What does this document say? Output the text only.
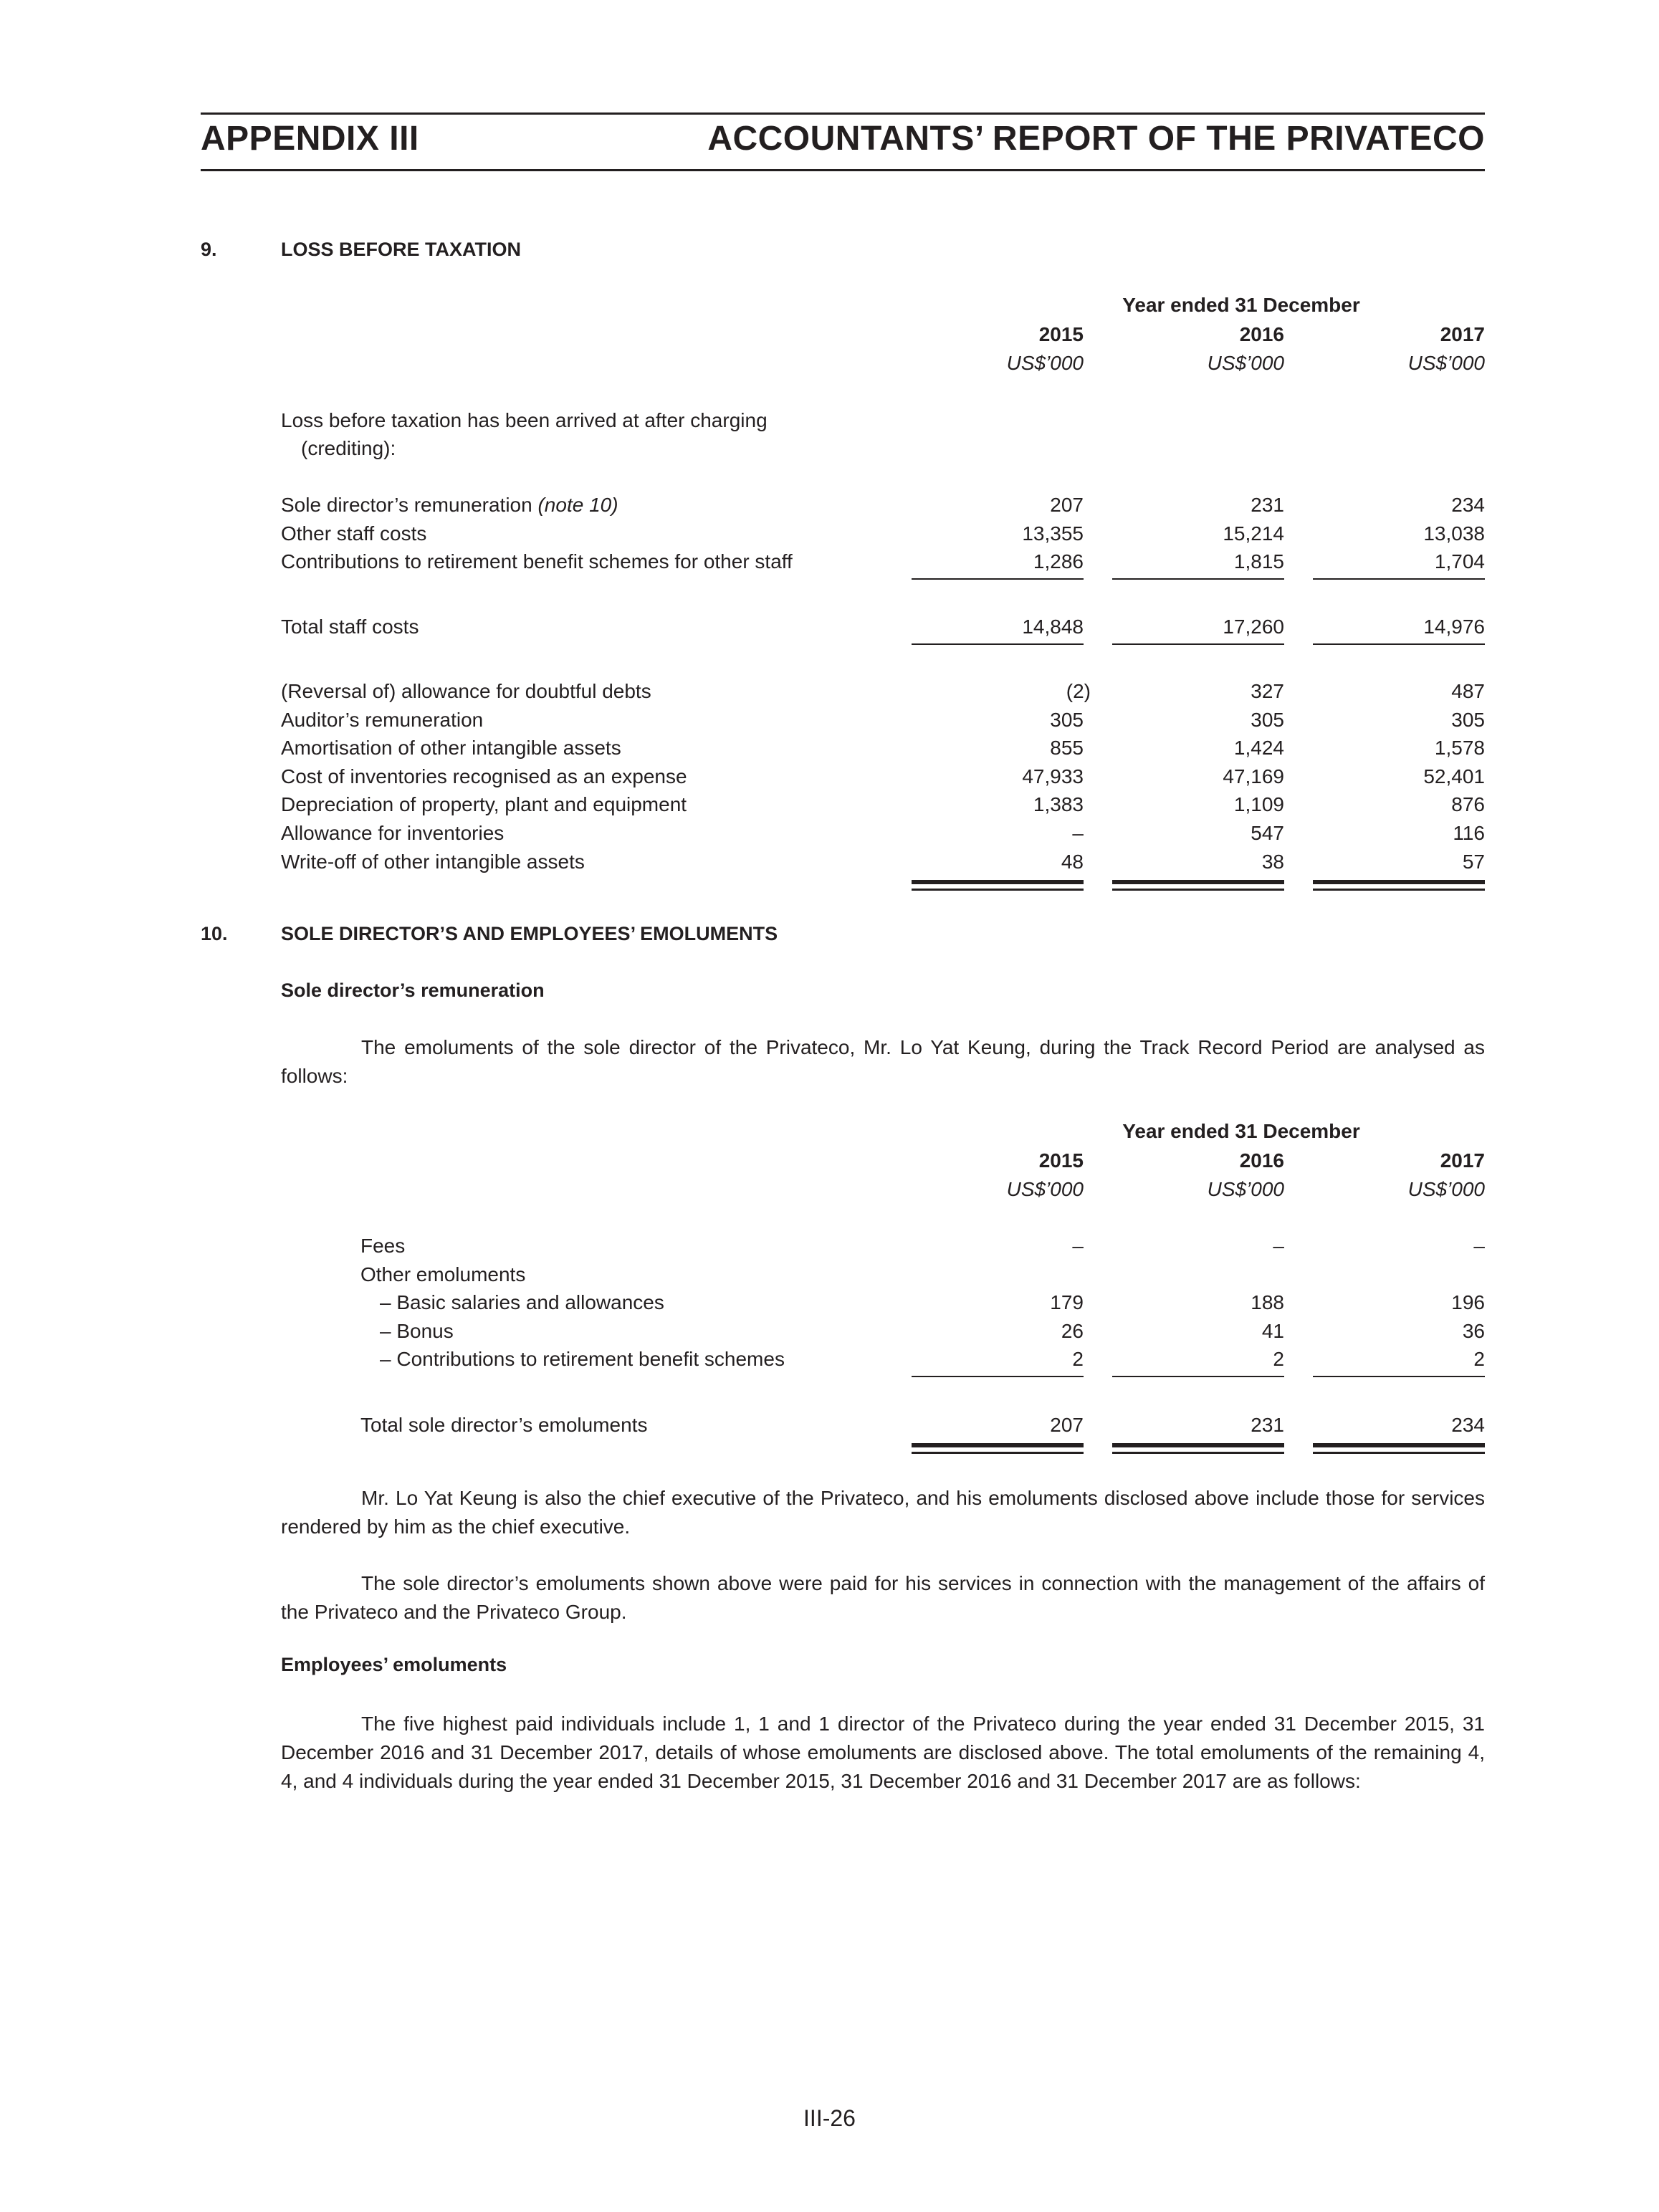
APPENDIX III	ACCOUNTANTS’ REPORT OF THE PRIVATECO
9.	LOSS BEFORE TAXATION
Year ended 31 December
2015	2016	2017
US$’000	US$’000	US$’000
Loss before taxation has been arrived at after charging
(crediting):
Sole director’s remuneration (note 10)	207	231	234
Other staff costs	13,355	15,214	13,038
Contributions to retirement benefit schemes for other staff	1,286	1,815	1,704
Total staff costs	14,848	17,260	14,976
(Reversal of) allowance for doubtful debts	(2)	327	487
Auditor’s remuneration	305	305	305
Amortisation of other intangible assets	855	1,424	1,578
Cost of inventories recognised as an expense	47,933	47,169	52,401
Depreciation of property, plant and equipment	1,383	1,109	876
Allowance for inventories	–	547	116
Write-off of other intangible assets	48	38	57
10.	SOLE DIRECTOR’S AND EMPLOYEES’ EMOLUMENTS
Sole director’s remuneration
The emoluments of the sole director of the Privateco, Mr. Lo Yat Keung, during the Track Record Period are analysed as follows:
Year ended 31 December
2015	2016	2017
US$’000	US$’000	US$’000
Fees	–	–	–
Other emoluments
– Basic salaries and allowances	179	188	196
– Bonus	26	41	36
– Contributions to retirement benefit schemes	2	2	2
Total sole director’s emoluments	207	231	234
Mr. Lo Yat Keung is also the chief executive of the Privateco, and his emoluments disclosed above include those for services rendered by him as the chief executive.
The sole director’s emoluments shown above were paid for his services in connection with the management of the affairs of the Privateco and the Privateco Group.
Employees’ emoluments
The five highest paid individuals include 1, 1 and 1 director of the Privateco during the year ended 31 December 2015, 31 December 2016 and 31 December 2017, details of whose emoluments are disclosed above. The total emoluments of the remaining 4, 4, and 4 individuals during the year ended 31 December 2015, 31 December 2016 and 31 December 2017 are as follows:
III-26
